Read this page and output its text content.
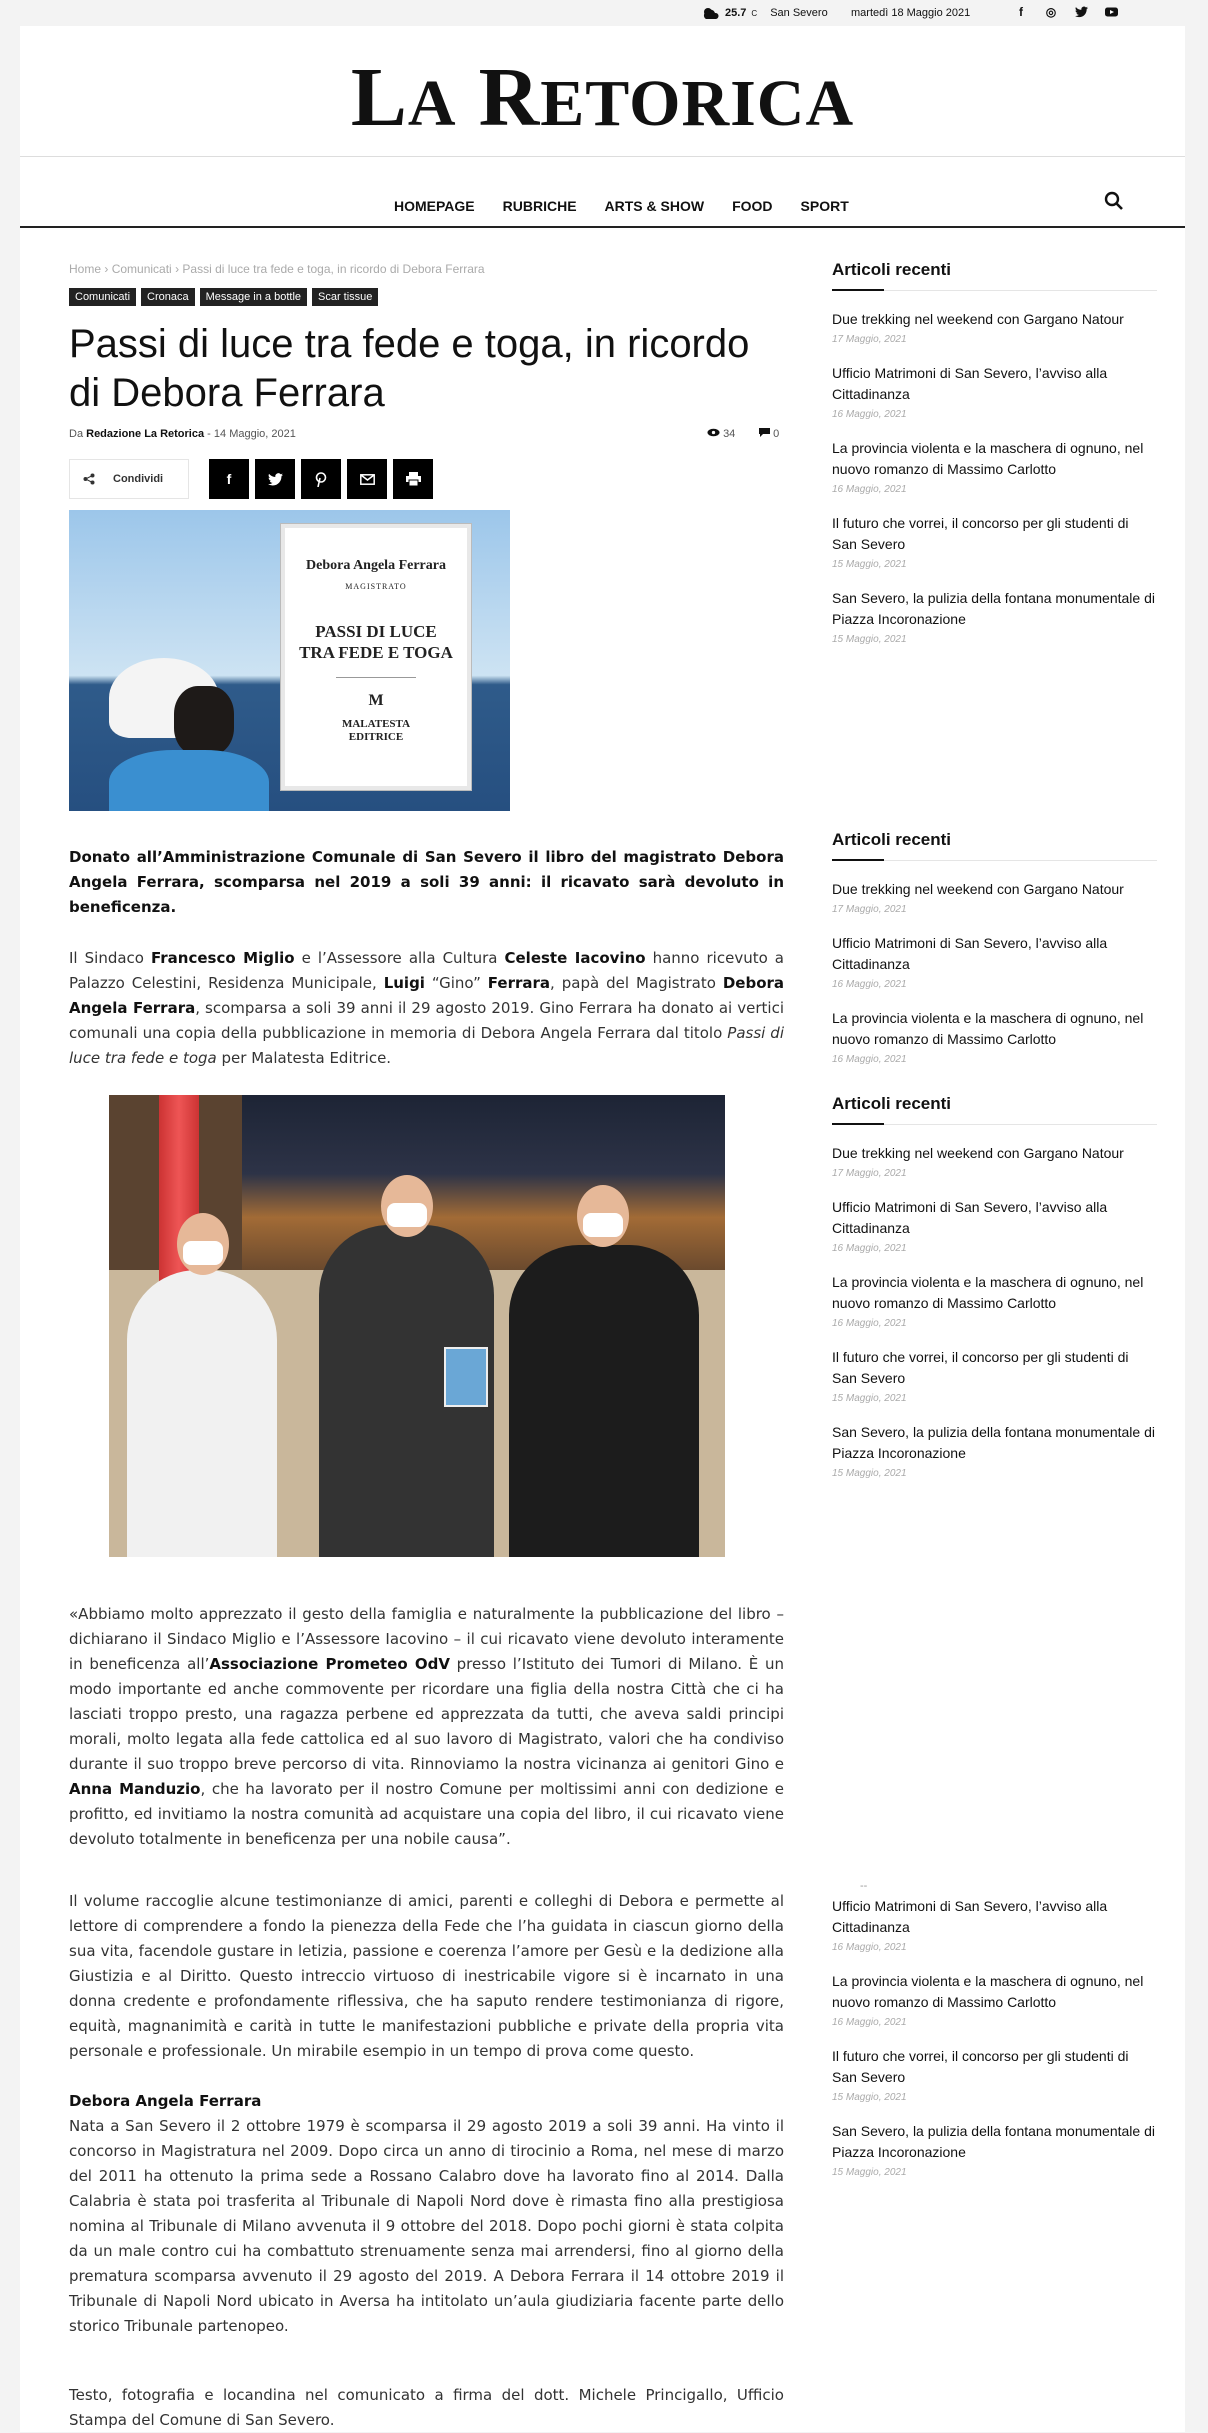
25.7 C San Severo martedì 18 Maggio 2021	f	◎
LA RETORICA
HOMEPAGE	RUBRICHE	ARTS & SHOW	FOOD	SPORT
Home › Comunicati › Passi di luce tra fede e toga, in ricordo di Debora Ferrara
Comunicati	Cronaca	Message in a bottle	Scar tissue
Passi di luce tra fede e toga, in ricordo di Debora Ferrara
Da Redazione La Retorica - 14 Maggio, 2021	34	0
Condividi	f
Debora Angela Ferrara
MAGISTRATO
PASSI DI LUCE
TRA FEDE E TOGA
M
MALATESTA
EDITRICE

Donato all’Amministrazione Comunale di San Severo il libro del magistrato Debora Angela Ferrara, scomparsa nel 2019 a soli 39 anni: il ricavato sarà devoluto in beneficenza.

Il Sindaco Francesco Miglio e l’Assessore alla Cultura Celeste Iacovino hanno ricevuto a Palazzo Celestini, Residenza Municipale, Luigi “Gino” Ferrara, papà del Magistrato Debora Angela Ferrara, scomparsa a soli 39 anni il 29 agosto 2019. Gino Ferrara ha donato ai vertici comunali una copia della pubblicazione in memoria di Debora Angela Ferrara dal titolo Passi di luce tra fede e toga per Malatesta Editrice.

«Abbiamo molto apprezzato il gesto della famiglia e naturalmente la pubblicazione del libro – dichiarano il Sindaco Miglio e l’Assessore Iacovino – il cui ricavato viene devoluto interamente in beneficenza all’Associazione Prometeo OdV presso l’Istituto dei Tumori di Milano. È un modo importante ed anche commovente per ricordare una figlia della nostra Città che ci ha lasciati troppo presto, una ragazza perbene ed apprezzata da tutti, che aveva saldi principi morali, molto legata alla fede cattolica ed al suo lavoro di Magistrato, valori che ha condiviso durante il suo troppo breve percorso di vita. Rinnoviamo la nostra vicinanza ai genitori Gino e Anna Manduzio, che ha lavorato per il nostro Comune per moltissimi anni con dedizione e profitto, ed invitiamo la nostra comunità ad acquistare una copia del libro, il cui ricavato viene devoluto totalmente in beneficenza per una nobile causa”.

Il volume raccoglie alcune testimonianze di amici, parenti e colleghi di Debora e permette al lettore di comprendere a fondo la pienezza della Fede che l’ha guidata in ciascun giorno della sua vita, facendole gustare in letizia, passione e coerenza l’amore per Gesù e la dedizione alla Giustizia e al Diritto. Questo intreccio virtuoso di inestricabile vigore si è incarnato in una donna credente e profondamente riflessiva, che ha saputo rendere testimonianza di rigore, equità, magnanimità e carità in tutte le manifestazioni pubbliche e private della propria vita personale e professionale. Un mirabile esempio in un tempo di prova come questo.

Debora Angela Ferrara

Nata a San Severo il 2 ottobre 1979 è scomparsa il 29 agosto 2019 a soli 39 anni. Ha vinto il concorso in Magistratura nel 2009. Dopo circa un anno di tirocinio a Roma, nel mese di marzo del 2011 ha ottenuto la prima sede a Rossano Calabro dove ha lavorato fino al 2014. Dalla Calabria è stata poi trasferita al Tribunale di Napoli Nord dove è rimasta fino alla prestigiosa nomina al Tribunale di Milano avvenuta il 9 ottobre del 2018. Dopo pochi giorni è stata colpita da un male contro cui ha combattuto strenuamente senza mai arrendersi, fino al giorno della prematura scomparsa avvenuto il 29 agosto del 2019. A Debora Ferrara il 14 ottobre 2019 il Tribunale di Napoli Nord ubicato in Aversa ha intitolato un’aula giudiziaria facente parte dello storico Tribunale partenopeo.

Testo, fotografia e locandina nel comunicato a firma del dott. Michele Princigallo, Ufficio Stampa del Comune di San Severo.

Articoli recenti
Due trekking nel weekend con Gargano Natour
17 Maggio, 2021
Ufficio Matrimoni di San Severo, l’avviso alla Cittadinanza
16 Maggio, 2021
La provincia violenta e la maschera di ognuno, nel nuovo romanzo di Massimo Carlotto
16 Maggio, 2021
Il futuro che vorrei, il concorso per gli studenti di San Severo
15 Maggio, 2021
San Severo, la pulizia della fontana monumentale di Piazza Incoronazione
15 Maggio, 2021
Articoli recenti
Due trekking nel weekend con Gargano Natour
17 Maggio, 2021
Ufficio Matrimoni di San Severo, l’avviso alla Cittadinanza
16 Maggio, 2021
La provincia violenta e la maschera di ognuno, nel nuovo romanzo di Massimo Carlotto
16 Maggio, 2021
Articoli recenti
Due trekking nel weekend con Gargano Natour
17 Maggio, 2021
Ufficio Matrimoni di San Severo, l’avviso alla Cittadinanza
16 Maggio, 2021
La provincia violenta e la maschera di ognuno, nel nuovo romanzo di Massimo Carlotto
16 Maggio, 2021
Il futuro che vorrei, il concorso per gli studenti di San Severo
15 Maggio, 2021
San Severo, la pulizia della fontana monumentale di Piazza Incoronazione
15 Maggio, 2021
--
Ufficio Matrimoni di San Severo, l’avviso alla Cittadinanza
16 Maggio, 2021
La provincia violenta e la maschera di ognuno, nel nuovo romanzo di Massimo Carlotto
16 Maggio, 2021
Il futuro che vorrei, il concorso per gli studenti di San Severo
15 Maggio, 2021
San Severo, la pulizia della fontana monumentale di Piazza Incoronazione
15 Maggio, 2021
